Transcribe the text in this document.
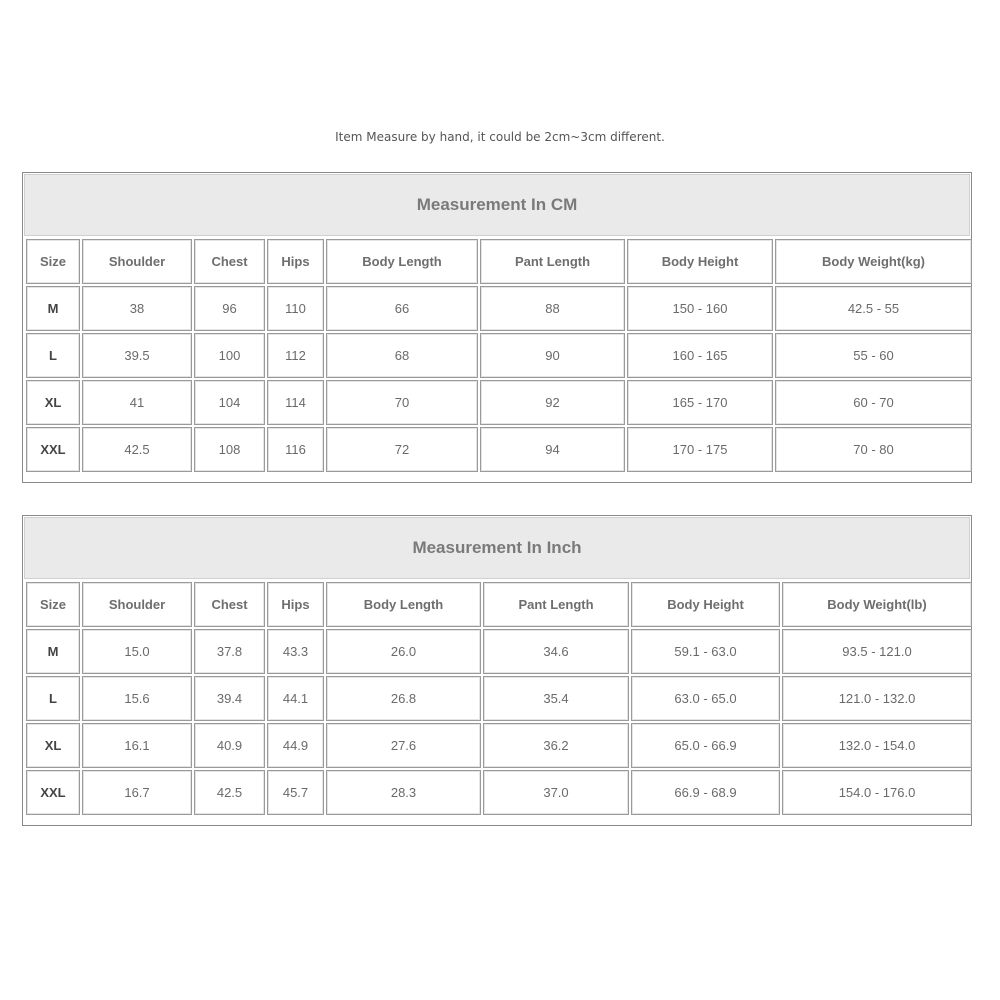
Item Measure by hand, it could be 2cm~3cm different.
Measurement In CM
Size	Shoulder	Chest	Hips	Body Length	Pant Length	Body Height	Body Weight(kg)
M	38	96	110	66	88	150 - 160	42.5 - 55
L	39.5	100	112	68	90	160 - 165	55 - 60
XL	41	104	114	70	92	165 - 170	60 - 70
XXL	42.5	108	116	72	94	170 - 175	70 - 80
Measurement In Inch
Size	Shoulder	Chest	Hips	Body Length	Pant Length	Body Height	Body Weight(lb)
M	15.0	37.8	43.3	26.0	34.6	59.1 - 63.0	93.5 - 121.0
L	15.6	39.4	44.1	26.8	35.4	63.0 - 65.0	121.0 - 132.0
XL	16.1	40.9	44.9	27.6	36.2	65.0 - 66.9	132.0 - 154.0
XXL	16.7	42.5	45.7	28.3	37.0	66.9 - 68.9	154.0 - 176.0
